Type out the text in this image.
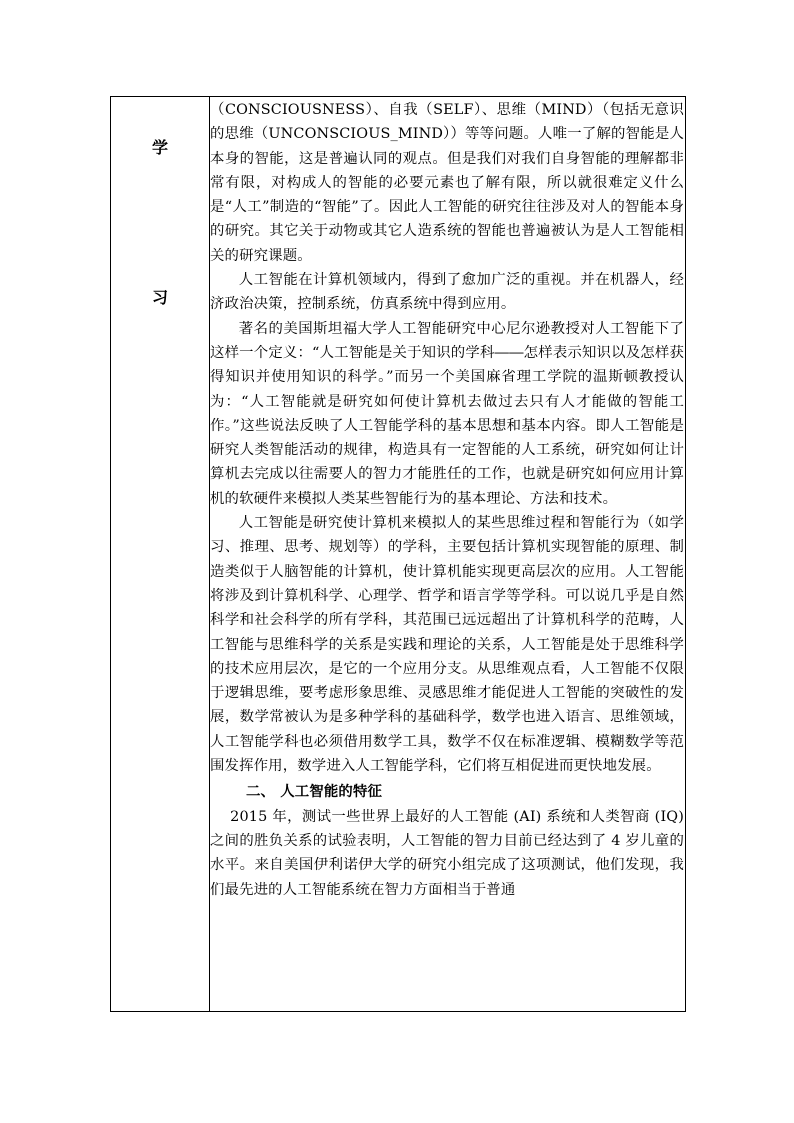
学
习

（CONSCIOUSNESS）、自我（SELF）、思维（MIND）（包括无意识的思维（UNCONSCIOUS_MIND））等等问题。人唯一了解的智能是人本身的智能，这是普遍认同的观点。但是我们对我们自身智能的理解都非常有限，对构成人的智能的必要元素也了解有限，所以就很难定义什么是“人工”制造的“智能”了。因此人工智能的研究往往涉及对人的智能本身的研究。其它关于动物或其它人造系统的智能也普遍被认为是人工智能相关的研究课题。

人工智能在计算机领域内，得到了愈加广泛的重视。并在机器人，经济政治决策，控制系统，仿真系统中得到应用。

著名的美国斯坦福大学人工智能研究中心尼尔逊教授对人工智能下了这样一个定义：“人工智能是关于知识的学科――怎样表示知识以及怎样获得知识并使用知识的科学。”而另一个美国麻省理工学院的温斯顿教授认为：“人工智能就是研究如何使计算机去做过去只有人才能做的智能工作。”这些说法反映了人工智能学科的基本思想和基本内容。即人工智能是研究人类智能活动的规律，构造具有一定智能的人工系统，研究如何让计算机去完成以往需要人的智力才能胜任的工作，也就是研究如何应用计算机的软硬件来模拟人类某些智能行为的基本理论、方法和技术。

人工智能是研究使计算机来模拟人的某些思维过程和智能行为（如学习、推理、思考、规划等）的学科，主要包括计算机实现智能的原理、制造类似于人脑智能的计算机，使计算机能实现更高层次的应用。人工智能将涉及到计算机科学、心理学、哲学和语言学等学科。可以说几乎是自然科学和社会科学的所有学科，其范围已远远超出了计算机科学的范畴，人工智能与思维科学的关系是实践和理论的关系，人工智能是处于思维科学的技术应用层次，是它的一个应用分支。从思维观点看，人工智能不仅限于逻辑思维，要考虑形象思维、灵感思维才能促进人工智能的突破性的发展，数学常被认为是多种学科的基础科学，数学也进入语言、思维领域，人工智能学科也必须借用数学工具，数学不仅在标准逻辑、模糊数学等范围发挥作用，数学进入人工智能学科，它们将互相促进而更快地发展。

二、 人工智能的特征

2015 年，测试一些世界上最好的人工智能 (AI) 系统和人类智商 (IQ) 之间的胜负关系的试验表明，人工智能的智力目前已经达到了 4 岁儿童的水平。来自美国伊利诺伊大学的研究小组完成了这项测试，他们发现，我们最先进的人工智能系统在智力方面相当于普通
